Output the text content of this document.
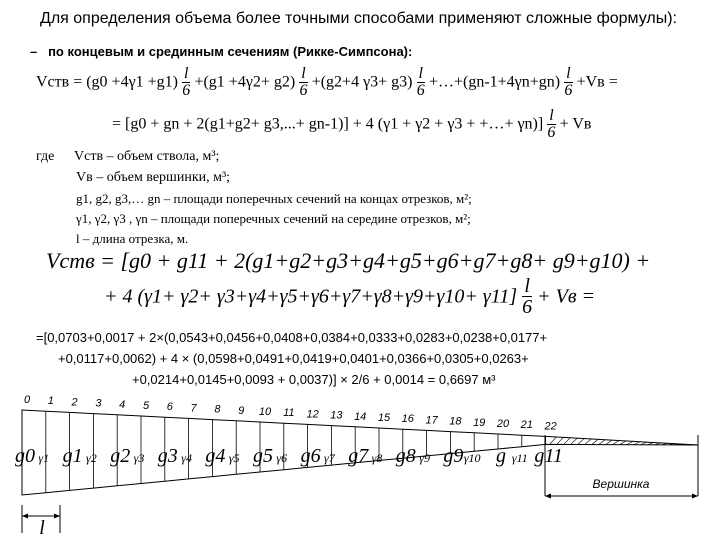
Для определения объема более точными способами применяют сложные формулы):
– по концевым и срединным сечениям (Рикке-Симпсона):
Vств = $(g0 +4\gamma 1 +g1) \frac{l}{6} +(g1 +4\gamma 2+ g2) \frac{l}{6} +(g2+4$ $\gamma 3+ g3) \frac{l}{6}$ +…+(gn-1+4γn+gn) $\frac{l}{6} +Vв$ =
= [g0 + gn + 2(g1+g2+ g3,...+ gn-1)] + 4 (γ1 + γ2 + γ3 + +…+ $\gamma n)] \frac{l}{6}$ + Vв
где Vств – объем ствола, м³;
Vв – объем вершинки, м³;
g1, g2, g3,… gn – площади поперечных сечений на концах отрезков, м²;
γ1, γ2, γ3 , γn – площади поперечных сечений на середине отрезков, м²;
l – длина отрезка, м.
Vств = [g0 + g11 + 2(g1+g2+g3+g4+g5+g6+g7+g8+ g9+g10) +
+ 4 $(\gamma 1+ \gamma 2+ \gamma 3+\gamma 4+\gamma 5+\gamma 6+\gamma 7+\gamma 8+\gamma 9+\gamma 10+ \gamma 11] \frac{l}{6}$ + Vв =
=[0,0703+0,0017 + 2×(0,0543+0,0456+0,0408+0,0384+0,0333+0,0283+0,0238+0,0177+
+0,0117+0,0062) + 4 × (0,0598+0,0491+0,0419+0,0401+0,0366+0,0305+0,0263+
+0,0214+0,0145+0,0093 + 0,0037)] × 2/6 + 0,0014 = 0,6697 м³
0 1 2 3 4 5 6 7 8 9 10 11 12 13 14 15 16 17 18 19 20 21 22
g0 γ1 g1 γ2 g2 γ3 g3 γ4 g4 γ5 g5 γ6 g6 γ7 g7 γ8 g8 γ9 g9 γ10 g γ11 g11
l
Вершинка
